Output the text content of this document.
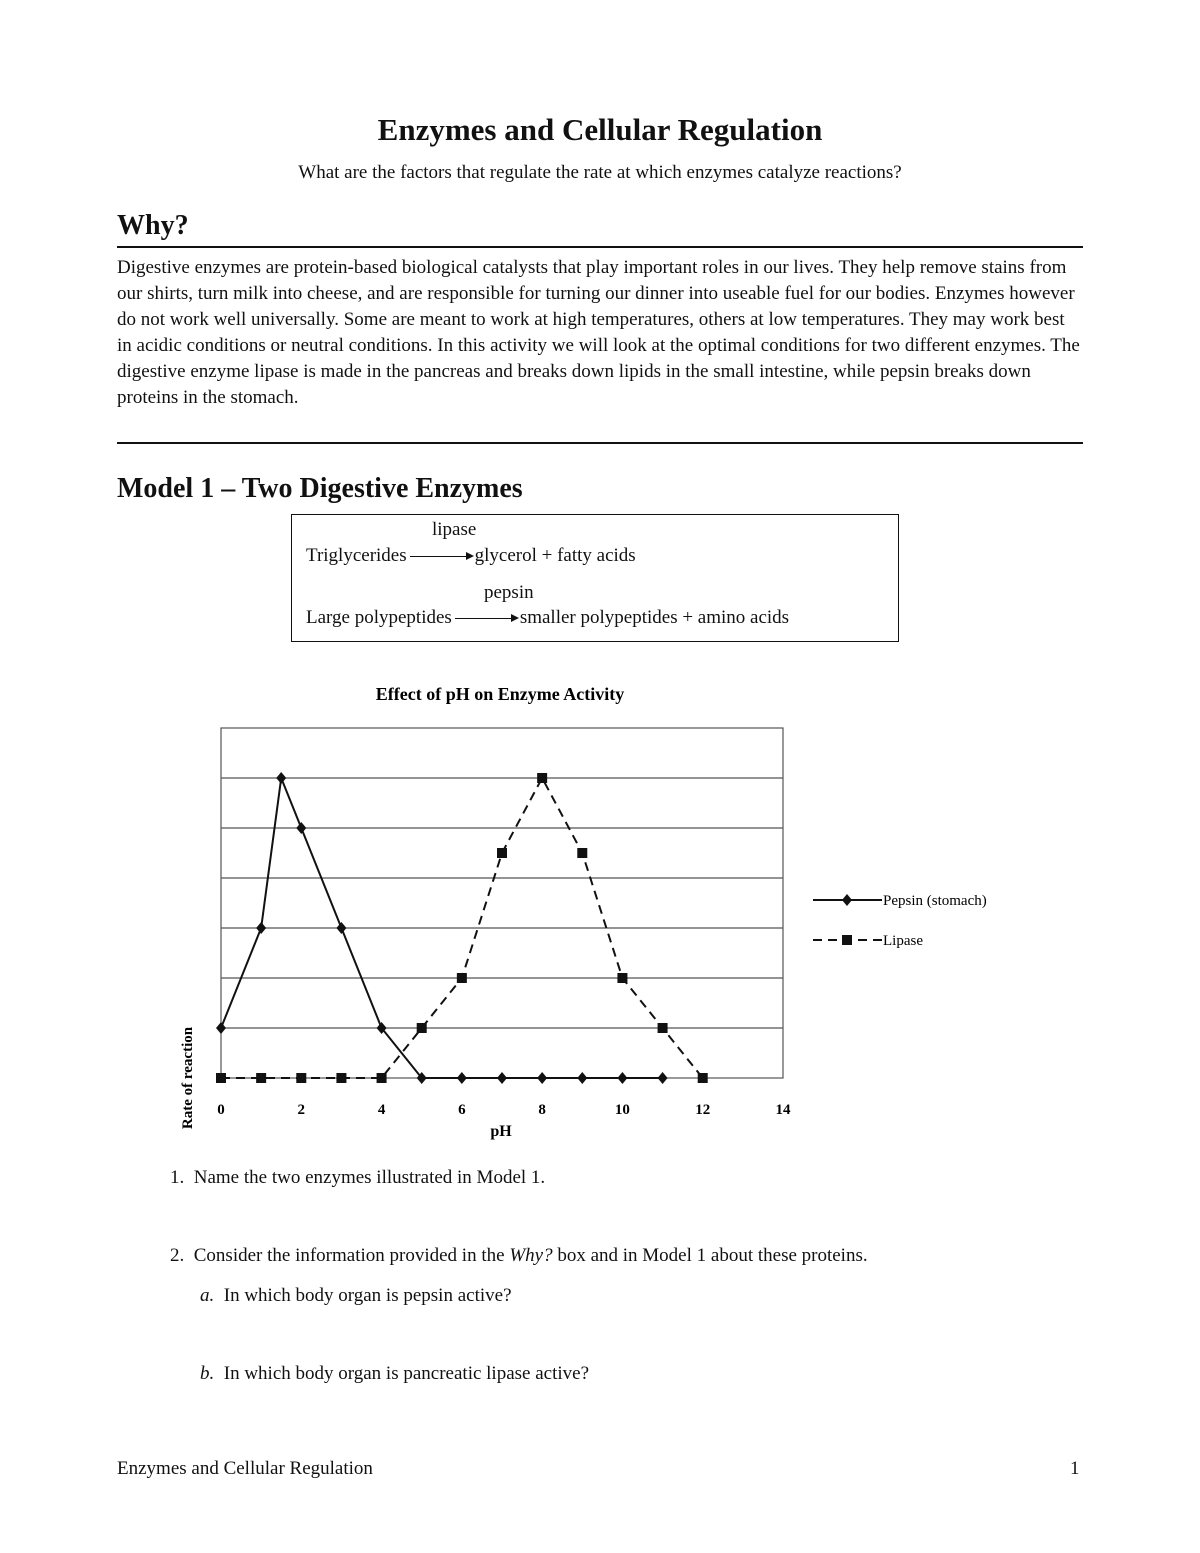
Enzymes and Cellular Regulation
What are the factors that regulate the rate at which enzymes catalyze reactions?
Why?
Digestive enzymes are protein-based biological catalysts that play important roles in our lives. They help remove stains from our shirts, turn milk into cheese, and are responsible for turning our dinner into useable fuel for our bodies. Enzymes however do not work well universally. Some are meant to work at high temperatures, others at low temperatures. They may work best in acidic conditions or neutral conditions. In this activity we will look at the optimal conditions for two different enzymes. The digestive enzyme lipase is made in the pancreas and breaks down lipids in the small intestine, while pepsin breaks down proteins in the stomach.
Model 1 – Two Digestive Enzymes
lipase
Triglycerides	glycerol + fatty acids
pepsin
Large polypeptides	smaller polypeptides + amino acids
Effect of pH on Enzyme Activity
Rate of reaction
pH
0	2	4	6	8	10	12	14
Pepsin (stomach)
Lipase
1. Name the two enzymes illustrated in Model 1.
2. Consider the information provided in the Why? box and in Model 1 about these proteins.
a. In which body organ is pepsin active?
b. In which body organ is pancreatic lipase active?
Enzymes and Cellular Regulation	1
